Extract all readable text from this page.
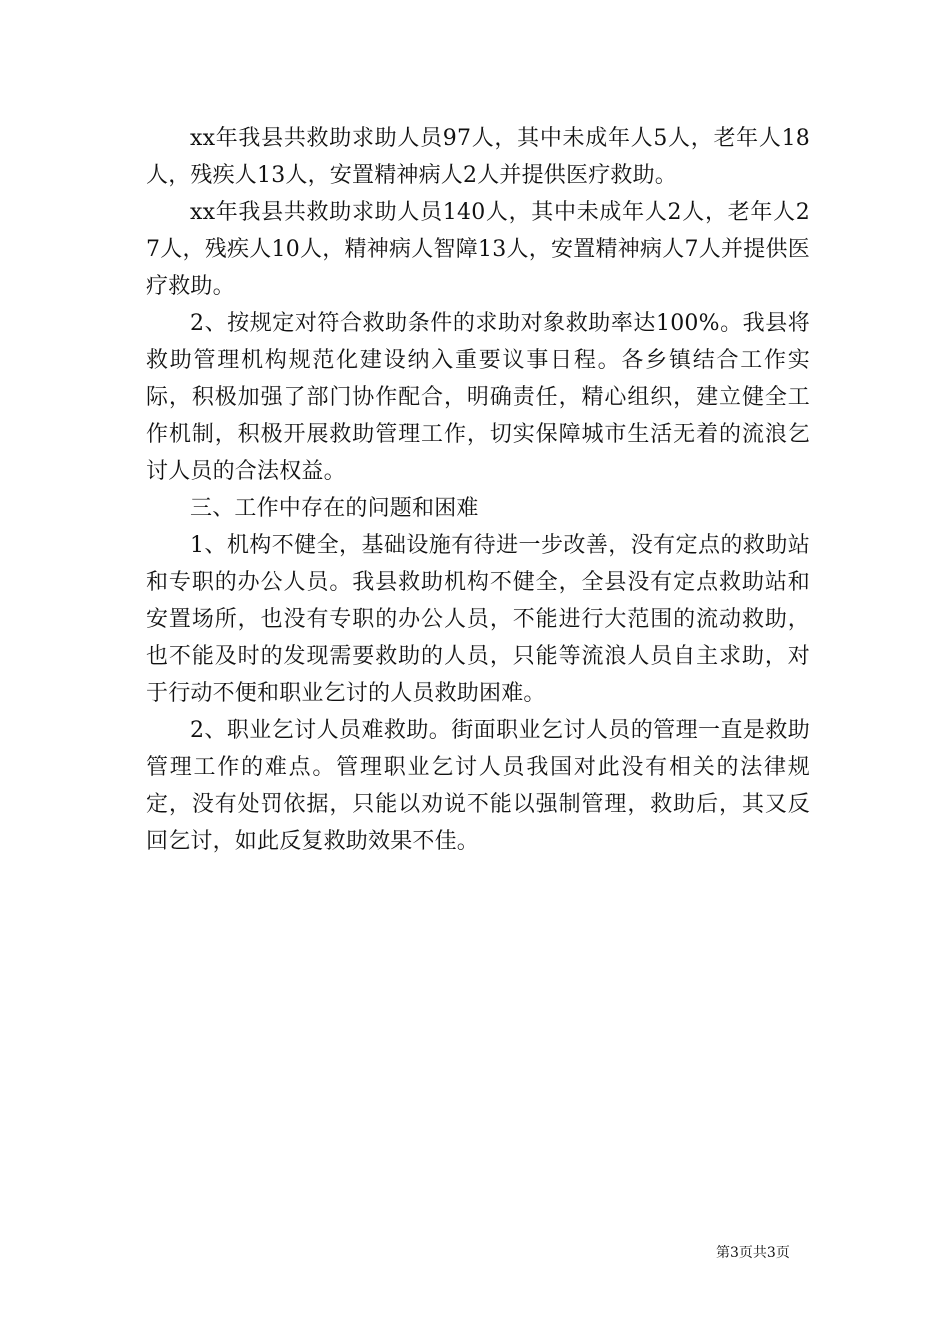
xx年我县共救助求助人员97人，其中未成年人5人，老年人18人，残疾人13人，安置精神病人2人并提供医疗救助。

xx年我县共救助求助人员140人，其中未成年人2人，老年人27人，残疾人10人，精神病人智障13人，安置精神病人7人并提供医疗救助。

2、按规定对符合救助条件的求助对象救助率达100%。我县将救助管理机构规范化建设纳入重要议事日程。各乡镇结合工作实际，积极加强了部门协作配合，明确责任，精心组织，建立健全工作机制，积极开展救助管理工作，切实保障城市生活无着的流浪乞讨人员的合法权益。

三、工作中存在的问题和困难

1、机构不健全，基础设施有待进一步改善，没有定点的救助站和专职的办公人员。我县救助机构不健全，全县没有定点救助站和安置场所，也没有专职的办公人员，不能进行大范围的流动救助，也不能及时的发现需要救助的人员，只能等流浪人员自主求助，对于行动不便和职业乞讨的人员救助困难。

2、职业乞讨人员难救助。街面职业乞讨人员的管理一直是救助管理工作的难点。管理职业乞讨人员我国对此没有相关的法律规定，没有处罚依据，只能以劝说不能以强制管理，救助后，其又反回乞讨，如此反复救助效果不佳。

第3页共3页
